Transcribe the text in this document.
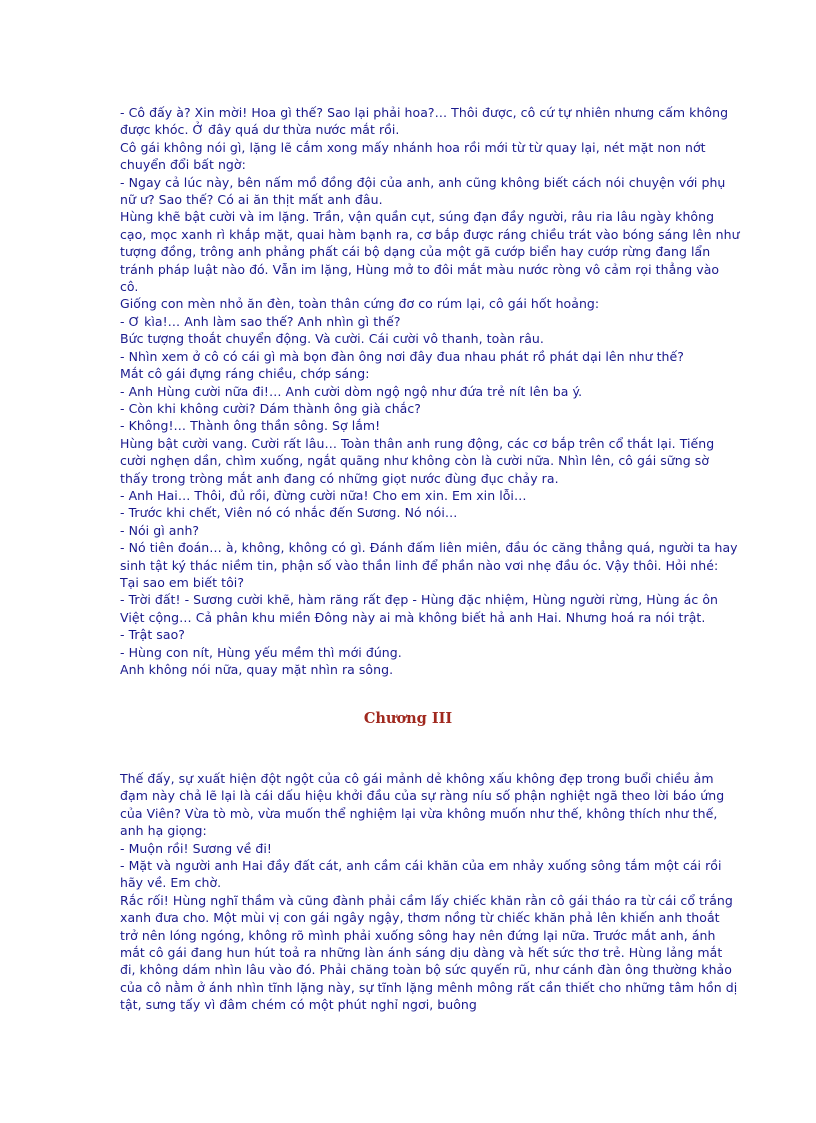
- Cô đấy à? Xin mời! Hoa gì thế? Sao lại phải hoa?… Thôi được, cô cứ tự nhiên nhưng cấm không được khóc. Ở đây quá dư thừa nước mắt rồi.

Cô gái không nói gì, lặng lẽ cắm xong mấy nhánh hoa rồi mới từ từ quay lại, nét mặt non nớt chuyển đổi bất ngờ:

- Ngay cả lúc này, bên nấm mồ đồng đội của anh, anh cũng không biết cách nói chuyện với phụ nữ ư? Sao thế? Có ai ăn thịt mất anh đâu.

Hùng khẽ bật cười và im lặng. Trần, vận quần cụt, súng đạn đầy người, râu ria lâu ngày không cạo, mọc xanh rì khắp mặt, quai hàm bạnh ra, cơ bắp được ráng chiều trát vào bóng sáng lên như tượng đồng, trông anh phảng phất cái bộ dạng của một gã cướp biển hay cướp rừng đang lẩn tránh pháp luật nào đó. Vẫn im lặng, Hùng mở to đôi mắt màu nước ròng vô cảm rọi thẳng vào cô.

Giống con mèn nhỏ ăn đèn, toàn thân cứng đơ co rúm lại, cô gái hốt hoảng:

- Ơ kìa!… Anh làm sao thế? Anh nhìn gì thế?

Bức tượng thoắt chuyển động. Và cười. Cái cười vô thanh, toàn râu.

- Nhìn xem ở cô có cái gì mà bọn đàn ông nơi đây đua nhau phát rồ phát dại lên như thế?

Mắt cô gái đựng ráng chiều, chớp sáng:

- Anh Hùng cười nữa đi!… Anh cười dòm ngộ ngộ như đứa trẻ nít lên ba ý.

- Còn khi không cười? Dám thành ông già chắc?

- Không!… Thành ông thần sông. Sợ lắm!

Hùng bật cười vang. Cười rất lâu… Toàn thân anh rung động, các cơ bắp trên cổ thắt lại. Tiếng cười nghẹn dần, chìm xuống, ngắt quãng như không còn là cười nữa. Nhìn lên, cô gái sững sờ thấy trong tròng mắt anh đang có những giọt nước đùng đục chảy ra.

- Anh Hai… Thôi, đủ rồi, đừng cười nữa! Cho em xin. Em xin lỗi…

- Trước khi chết, Viên nó có nhắc đến Sương. Nó nói…

- Nói gì anh?

- Nó tiên đoán… à, không, không có gì. Đánh đấm liên miên, đầu óc căng thẳng quá, người ta hay sinh tật ký thác niềm tin, phận số vào thần linh để phần nào vơi nhẹ đầu óc. Vậy thôi. Hỏi nhé: Tại sao em biết tôi?

- Trời đất! - Sương cười khẽ, hàm răng rất đẹp - Hùng đặc nhiệm, Hùng người rừng, Hùng ác ôn Việt cộng… Cả phân khu miền Đông này ai mà không biết hả anh Hai. Nhưng hoá ra nói trật.

- Trật sao?

- Hùng con nít, Hùng yếu mềm thì mới đúng.

Anh không nói nữa, quay mặt nhìn ra sông.

Chương III

Thế đấy, sự xuất hiện đột ngột của cô gái mảnh dẻ không xấu không đẹp trong buổi chiều ảm đạm này chả lẽ lại là cái dấu hiệu khởi đầu của sự ràng níu số phận nghiệt ngã theo lời báo ứng của Viên? Vừa tò mò, vừa muốn thể nghiệm lại vừa không muốn như thế, không thích như thế, anh hạ giọng:

- Muộn rồi! Sương về đi!

- Mặt và người anh Hai đầy đất cát, anh cầm cái khăn của em nhảy xuống sông tắm một cái rồi hãy về. Em chờ.

Rắc rối! Hùng nghĩ thầm và cũng đành phải cầm lấy chiếc khăn rằn cô gái tháo ra từ cái cổ trắng xanh đưa cho. Một mùi vị con gái ngây ngậy, thơm nồng từ chiếc khăn phả lên khiến anh thoắt trở nên lóng ngóng, không rõ mình phải xuống sông hay nên đứng lại nữa. Trước mắt anh, ánh mắt cô gái đang hun hút toả ra những làn ánh sáng dịu dàng và hết sức thơ trẻ. Hùng lảng mắt đi, không dám nhìn lâu vào đó. Phải chăng toàn bộ sức quyến rũ, như cánh đàn ông thường khảo của cô nằm ở ánh nhìn tĩnh lặng này, sự tĩnh lặng mênh mông rất cần thiết cho những tâm hồn dị tật, sưng tấy vì đâm chém có một phút nghỉ ngơi, buông
